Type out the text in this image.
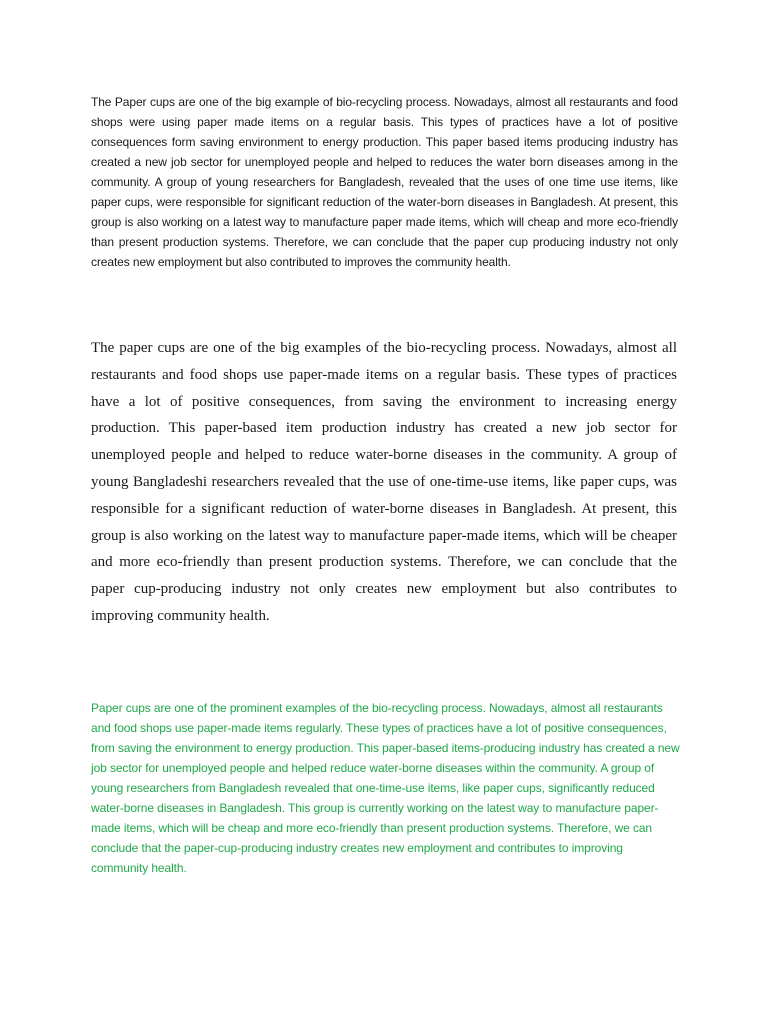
The Paper cups are one of the big example of bio-recycling process. Nowadays, almost all restaurants and food shops were using paper made items on a regular basis. This types of practices have a lot of positive consequences form saving environment to energy production. This paper based items producing industry has created a new job sector for unemployed people and helped to reduces the water born diseases among in the community. A group of young researchers for Bangladesh, revealed that the uses of one time use items, like paper cups, were responsible for significant reduction of the water-born diseases in Bangladesh. At present, this group is also working on a latest way to manufacture paper made items, which will cheap and more eco-friendly than present production systems. Therefore, we can conclude that the paper cup producing industry not only creates new employment but also contributed to improves the community health.

The paper cups are one of the big examples of the bio-recycling process. Nowadays, almost all restaurants and food shops use paper-made items on a regular basis. These types of practices have a lot of positive consequences, from saving the environment to increasing energy production. This paper-based item production industry has created a new job sector for unemployed people and helped to reduce water-borne diseases in the community. A group of young Bangladeshi researchers revealed that the use of one-time-use items, like paper cups, was responsible for a significant reduction of water-borne diseases in Bangladesh. At present, this group is also working on the latest way to manufacture paper-made items, which will be cheaper and more eco-friendly than present production systems. Therefore, we can conclude that the paper cup-producing industry not only creates new employment but also contributes to improving community health.

Paper cups are one of the prominent examples of the bio-recycling process. Nowadays, almost all restaurants and food shops use paper-made items regularly. These types of practices have a lot of positive consequences, from saving the environment to energy production. This paper-based items-producing industry has created a new job sector for unemployed people and helped reduce water-borne diseases within the community. A group of young researchers from Bangladesh revealed that one-time-use items, like paper cups, significantly reduced water-borne diseases in Bangladesh. This group is currently working on the latest way to manufacture paper-made items, which will be cheap and more eco-friendly than present production systems. Therefore, we can conclude that the paper-cup-producing industry creates new employment and contributes to improving community health.
